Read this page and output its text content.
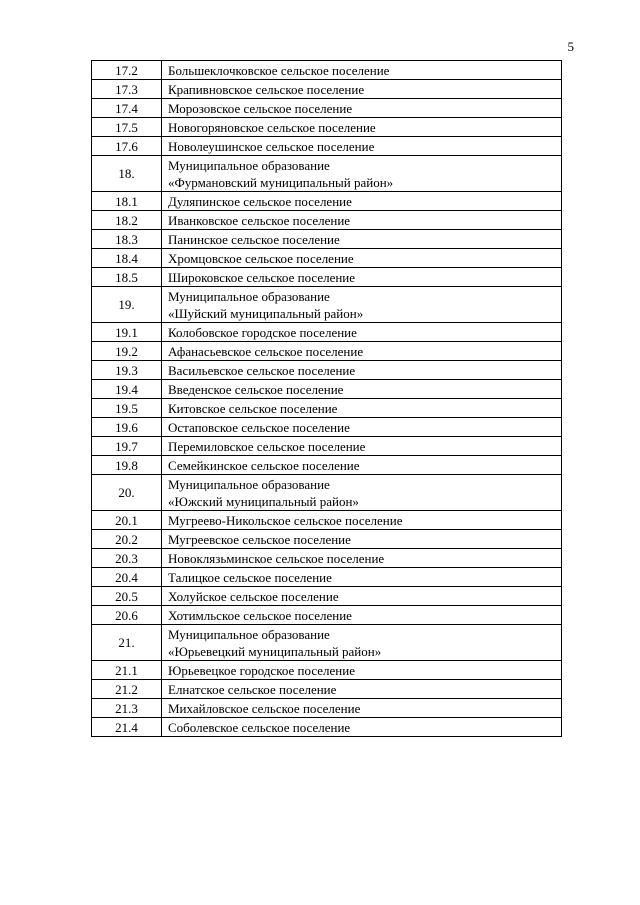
5
17.2	Большеклочковское сельское поселение

17.3	Крапивновское сельское поселение

17.4	Морозовское сельское поселение

17.5	Новогоряновское сельское поселение

17.6	Новолеушинское сельское поселение

18.	Муниципальное образование
«Фурмановский муниципальный район»

18.1	Дуляпинское сельское поселение

18.2	Иванковское сельское поселение

18.3	Панинское сельское поселение

18.4	Хромцовское сельское поселение

18.5	Широковское сельское поселение

19.	Муниципальное образование
«Шуйский муниципальный район»

19.1	Колобовское городское поселение

19.2	Афанасьевское сельское поселение

19.3	Васильевское сельское поселение

19.4	Введенское сельское поселение

19.5	Китовское сельское поселение

19.6	Остаповское сельское поселение

19.7	Перемиловское сельское поселение

19.8	Семейкинское сельское поселение

20.	Муниципальное образование
«Южский муниципальный район»

20.1	Мугреево-Никольское сельское поселение

20.2	Мугреевское сельское поселение

20.3	Новоклязьминское сельское поселение

20.4	Талицкое сельское поселение

20.5	Холуйское сельское поселение

20.6	Хотимльское сельское поселение

21.	Муниципальное образование
«Юрьевецкий муниципальный район»

21.1	Юрьевецкое городское поселение

21.2	Елнатское сельское поселение

21.3	Михайловское сельское поселение

21.4	Соболевское сельское поселение
